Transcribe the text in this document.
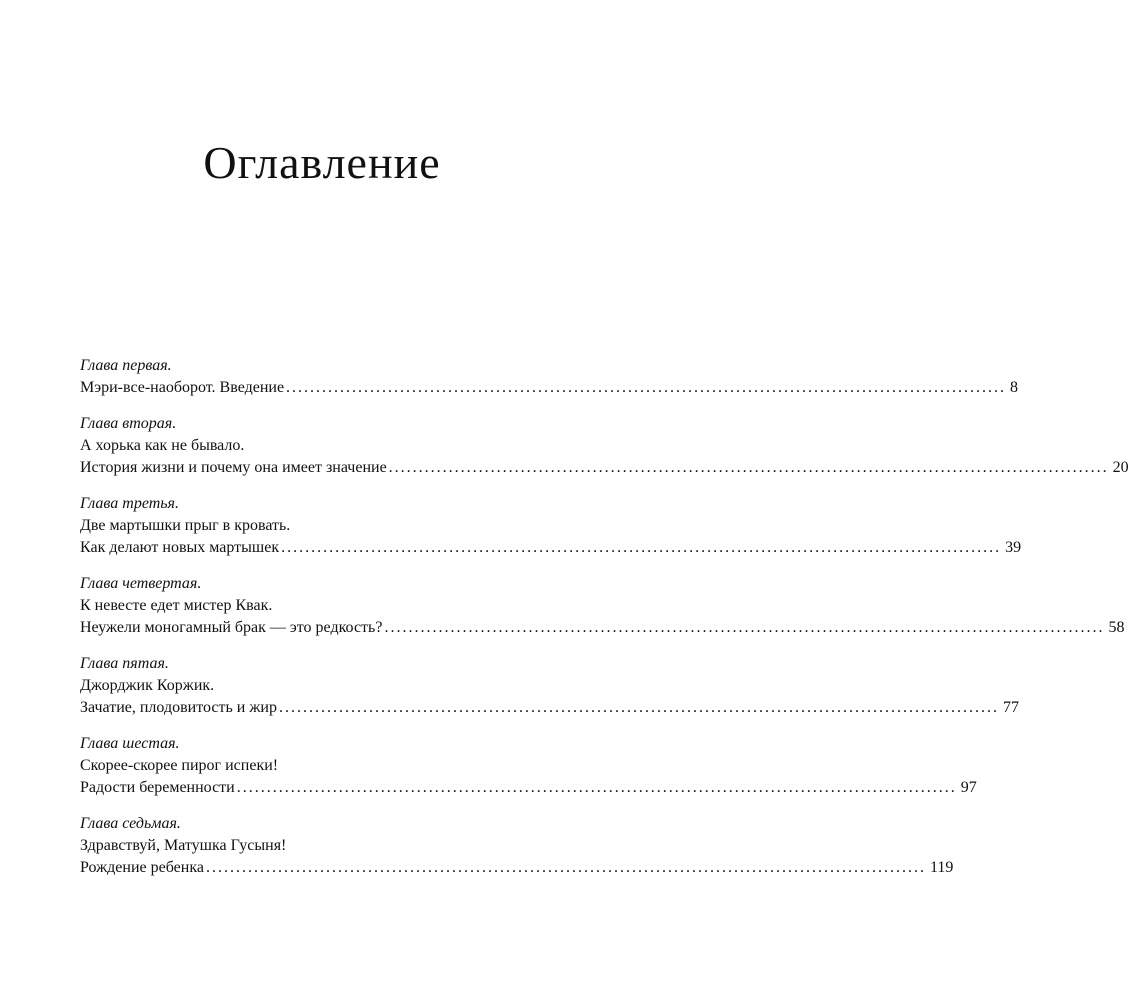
Оглавление
Глава первая.
Мэри-все-наоборот. Введение ........................................................................................................................ 8
Глава вторая.
А хорька как не бывало.
История жизни и почему она имеет значение ........................................................................................................................ 20
Глава третья.
Две мартышки прыг в кровать.
Как делают новых мартышек ........................................................................................................................ 39
Глава четвертая.
К невесте едет мистер Квак.
Неужели моногамный брак — это редкость? ........................................................................................................................ 58
Глава пятая.
Джорджик Коржик.
Зачатие, плодовитость и жир ........................................................................................................................ 77
Глава шестая.
Скорее-скорее пирог испеки!
Радости беременности ........................................................................................................................ 97
Глава седьмая.
Здравствуй, Матушка Гусыня!
Рождение ребенка ........................................................................................................................ 119
